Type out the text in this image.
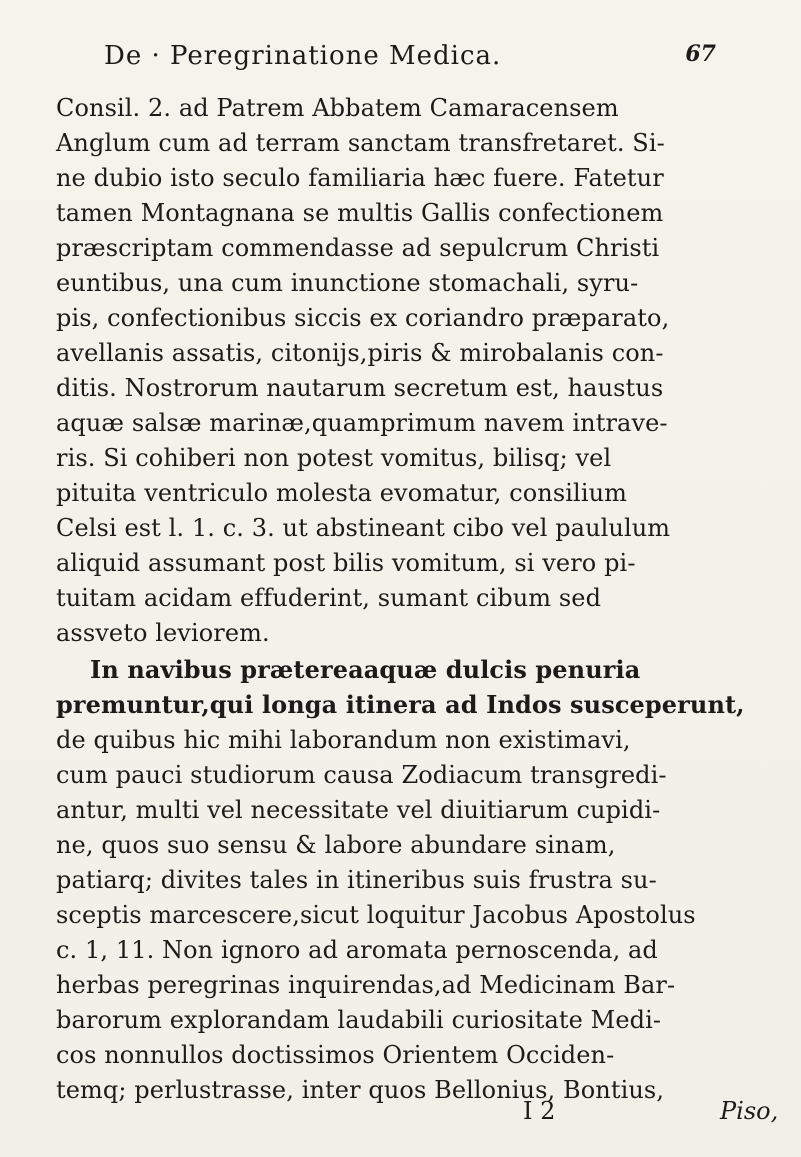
De · Peregrinatione Medica.	67
Consil. 2. ad Patrem Abbatem Camaracensem
Anglum cum ad terram sanctam transfretaret. Si-
ne dubio isto seculo familiaria hæc fuere. Fatetur
tamen Montagnana se multis Gallis confectionem
præscriptam commendasse ad sepulcrum Christi
euntibus, una cum inunctione stomachali, syru-
pis, confectionibus siccis ex coriandro præparato,
avellanis assatis, citonijs,piris & mirobalanis con-
ditis. Nostrorum nautarum secretum est, haustus
aquæ salsæ marinæ,quamprimum navem intrave-
ris. Si cohiberi non potest vomitus, bilisq; vel
pituita ventriculo molesta evomatur, consilium
Celsi est l. 1. c. 3. ut abstineant cibo vel paululum
aliquid assumant post bilis vomitum, si vero pi-
tuitam acidam effuderint, sumant cibum sed
assveto leviorem.
In navibus prætereaaquæ dulcis penuria
premuntur,qui longa itinera ad Indos susceperunt,
de quibus hic mihi laborandum non existimavi,
cum pauci studiorum causa Zodiacum transgredi-
antur, multi vel necessitate vel diuitiarum cupidi-
ne, quos suo sensu & labore abundare sinam,
patiarq; divites tales in itineribus suis frustra su-
sceptis marcescere,sicut loquitur Jacobus Apostolus
c. 1, 11. Non ignoro ad aromata pernoscenda, ad
herbas peregrinas inquirendas,ad Medicinam Bar-
barorum explorandam laudabili curiositate Medi-
cos nonnullos doctissimos Orientem Occiden-
temq; perlustrasse, inter quos Bellonius, Bontius,
I 2	Piso,
